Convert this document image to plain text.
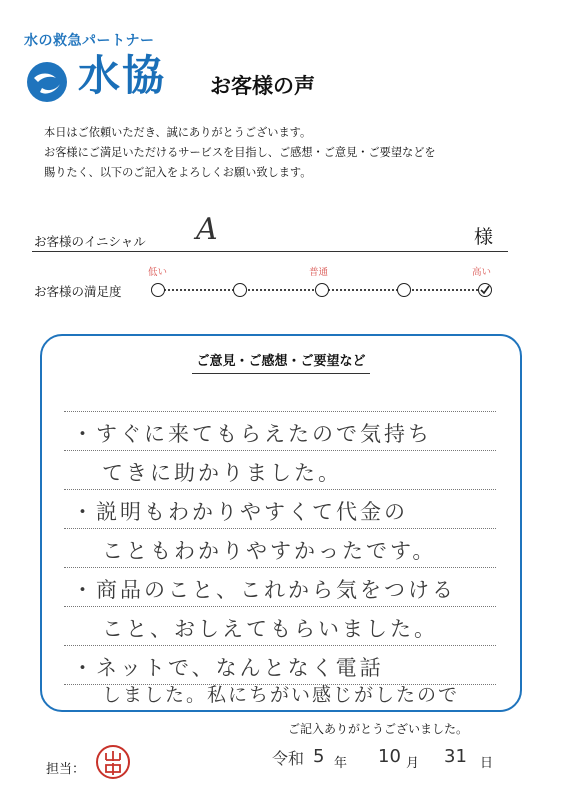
水の救急パートナー
水協 お客様の声
本日はご依頼いただき、誠にありがとうございます。
お客様にご満足いただけるサービスを目指し、ご感想・ご意見・ご要望などを
賜りたく、以下のご記入をよろしくお願い致します。
お客様のイニシャル A	様
低い	普通	高い
お客様の満足度
ご意見・ご感想・ご要望など
・すぐに来てもらえたので気持ち
てきに助かりました。
・説明もわかりやすくて代金の
こともわかりやすかったです。
・商品のこと、これから気をつける
こと、おしえてもらいました。
・ネットで、なんとなく電話
しました。私にちがい感じがしたので
ご記入ありがとうございました。
担当：
令和 5 年 10 月 31 日
